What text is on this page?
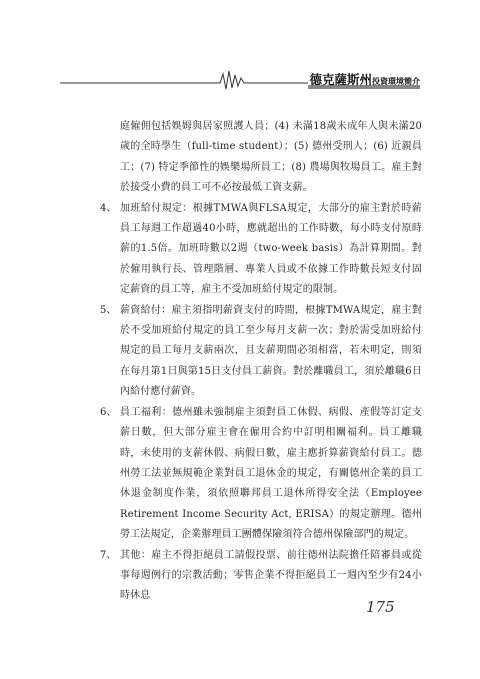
德克薩斯州投資環境簡介

庭僱佣包括娛姆與居家照護人員；(4) 未滿18歲未成年人與未滿20歲的全時學生（full-time student）；(5) 德州受刑人；(6) 近親員工；(7) 特定季節性的娛樂場所員工；(8) 農場與牧場員工。雇主對於接受小費的員工可不必按最低工資支薪。

4、 加班給付規定：根據TMWA與FLSA規定，大部分的雇主對於時薪員工每週工作超過40小時，應就超出的工作時數，每小時支付原時薪的1.5倍。加班時數以2週（two-week basis）為計算期間。對於僱用執行長、管理階層、專業人員或不依據工作時數長短支付固定薪資的員工等，雇主不受加班給付規定的限制。

5、 薪資給付：雇主須指明薪資支付的時間，根據TMWA規定，雇主對於不受加班給付規定的員工至少每月支薪一次；對於需受加班給付規定的員工每月支薪兩次，且支薪期間必須相當，若未明定，則須在每月第1日與第15日支付員工薪資。對於離職員工，須於離職6日內給付應付薪資。

6、 員工福利：德州雖未強制雇主須對員工休假、病假、產假等訂定支薪日數，但大部分雇主會在僱用合約中訂明相關福利。員工離職時，未使用的支薪休假、病假日數，雇主應折算薪資給付員工。德州勞工法並無規範企業對員工退休金的規定，有關德州企業的員工休退金制度作業，須依照聯邦員工退休所得安全法（Employee Retirement Income Security Act, ERISA）的規定辦理。德州勞工法規定，企業辦理員工團體保險須符合德州保險部門的規定。

7、 其他：雇主不得拒絕員工請假投票、前往德州法院擔任陪審員或從事每週例行的宗教活動；零售企業不得拒絕員工一週內至少有24小時休息

175
